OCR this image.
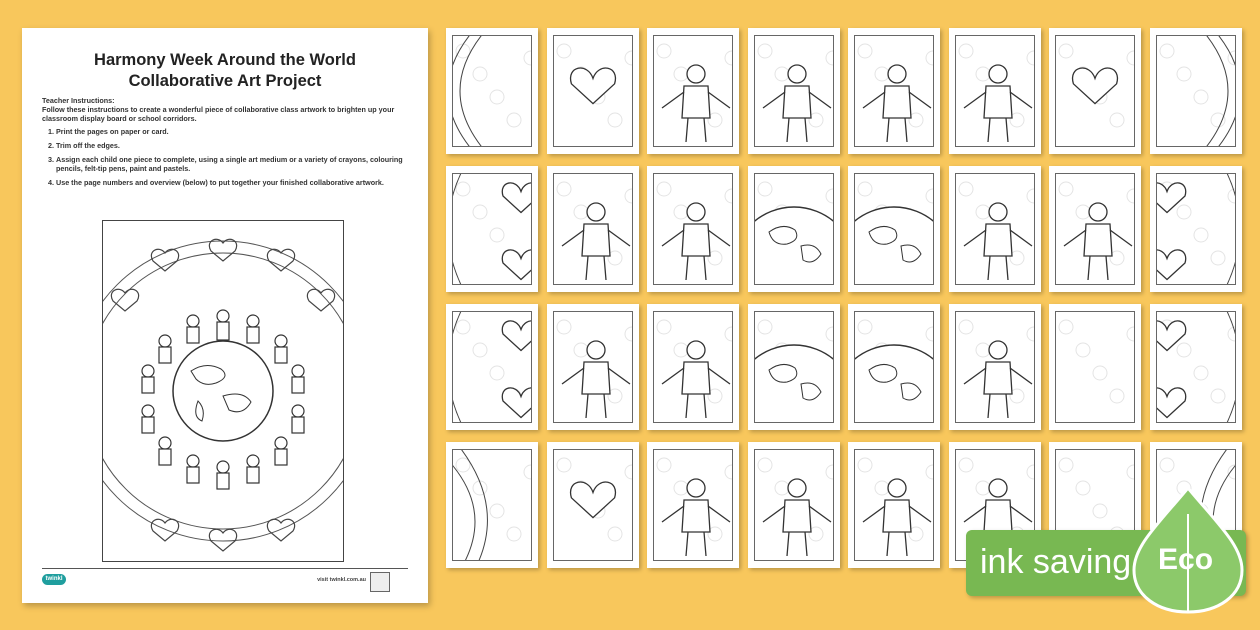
Harmony Week Around the World
Collaborative Art Project
Teacher Instructions:
Follow these instructions to create a wonderful piece of collaborative class artwork to brighten up your classroom display board or school corridors.
1. Print the pages on paper or card.
2. Trim off the edges.
3. Assign each child one piece to complete, using a single art medium or a variety of crayons, colouring pencils, felt-tip pens, paint and pastels.
4. Use the page numbers and overview (below) to put together your finished collaborative artwork.
twinkl	visit twinkl.com.au	ink saving Eco
